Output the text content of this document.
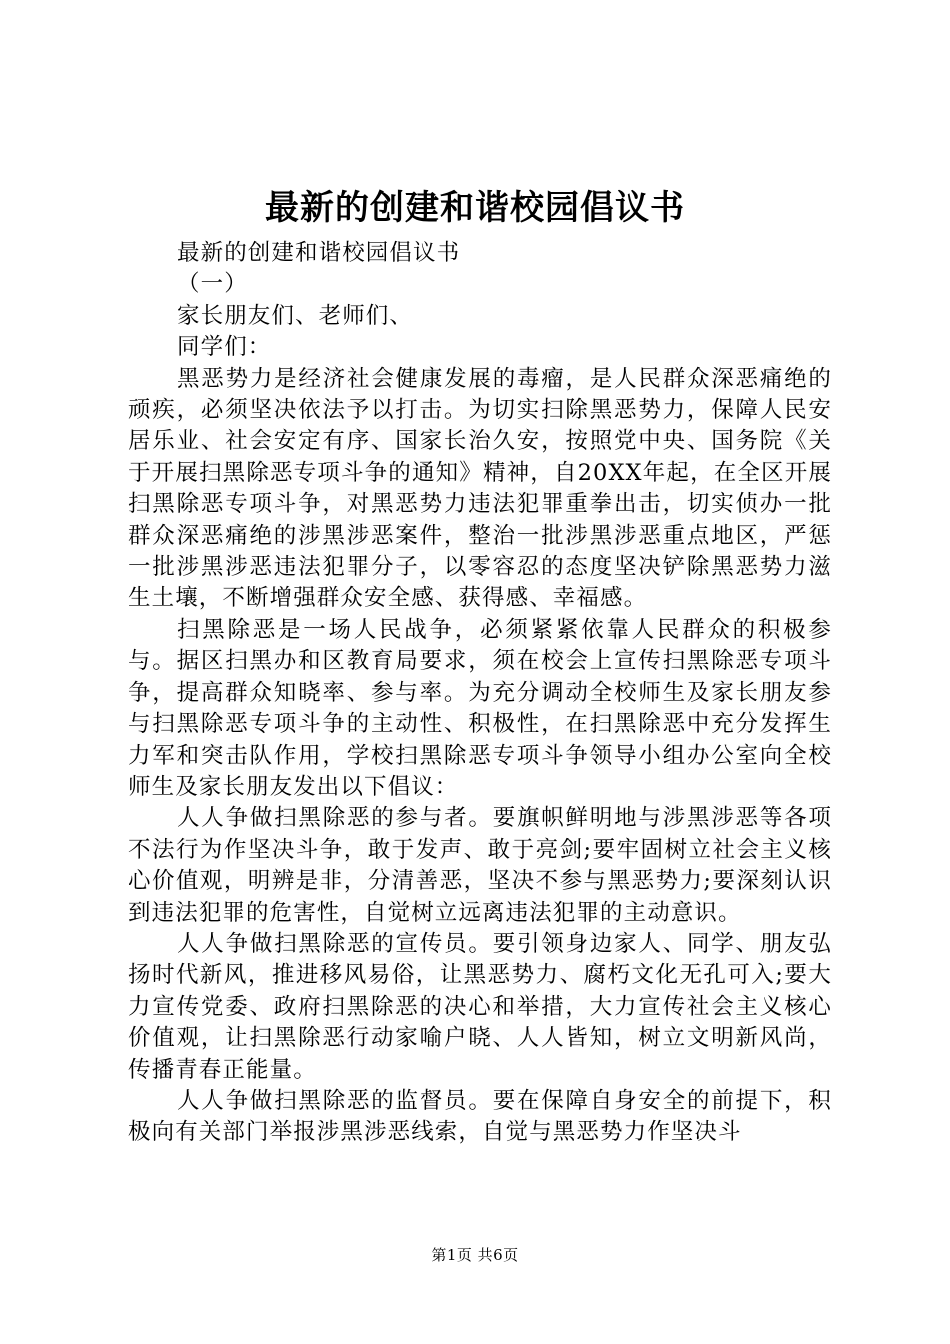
最新的创建和谐校园倡议书

最新的创建和谐校园倡议书

（一）

家长朋友们、老师们、

同学们：

黑恶势力是经济社会健康发展的毒瘤，是人民群众深恶痛绝的顽疾，必须坚决依法予以打击。为切实扫除黑恶势力，保障人民安居乐业、社会安定有序、国家长治久安，按照党中央、国务院《关于开展扫黑除恶专项斗争的通知》精神，自20XX年起，在全区开展扫黑除恶专项斗争，对黑恶势力违法犯罪重拳出击，切实侦办一批群众深恶痛绝的涉黑涉恶案件，整治一批涉黑涉恶重点地区，严惩一批涉黑涉恶违法犯罪分子，以零容忍的态度坚决铲除黑恶势力滋生土壤，不断增强群众安全感、获得感、幸福感。

扫黑除恶是一场人民战争，必须紧紧依靠人民群众的积极参与。据区扫黑办和区教育局要求，须在校会上宣传扫黑除恶专项斗争，提高群众知晓率、参与率。为充分调动全校师生及家长朋友参与扫黑除恶专项斗争的主动性、积极性，在扫黑除恶中充分发挥生力军和突击队作用，学校扫黑除恶专项斗争领导小组办公室向全校师生及家长朋友发出以下倡议：

人人争做扫黑除恶的参与者。要旗帜鲜明地与涉黑涉恶等各项不法行为作坚决斗争，敢于发声、敢于亮剑;要牢固树立社会主义核心价值观，明辨是非，分清善恶，坚决不参与黑恶势力;要深刻认识到违法犯罪的危害性，自觉树立远离违法犯罪的主动意识。

人人争做扫黑除恶的宣传员。要引领身边家人、同学、朋友弘扬时代新风，推进移风易俗，让黑恶势力、腐朽文化无孔可入;要大力宣传党委、政府扫黑除恶的决心和举措，大力宣传社会主义核心价值观，让扫黑除恶行动家喻户晓、人人皆知，树立文明新风尚，传播青春正能量。

人人争做扫黑除恶的监督员。要在保障自身安全的前提下，积极向有关部门举报涉黑涉恶线索，自觉与黑恶势力作坚决斗

第1页 共6页
